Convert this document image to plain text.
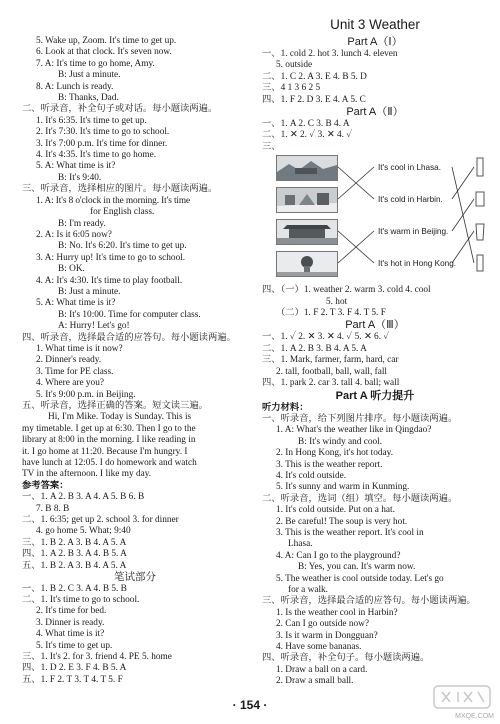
5. Wake up, Zoom. It's time to get up.
6. Look at that clock. It's seven now.
7. A: It's time to go home, Amy.
B: Just a minute.
8. A: Lunch is ready.
B: Thanks, Dad.
二、听录音，补全句子或对话。每小题读两遍。
1. It's 6:35. It's time to get up.
2. It's 7:30. It's time to go to school.
3. It's 7:00 p.m. It's time for dinner.
4. It's 4:35. It's time to go home.
5. A: What time is it?
B: It's 9:40.
三、听录音，选择相应的图片。每小题读两遍。
1. A: It's 8 o'clock in the morning. It's time
for English class.
B: I'm ready.
2. A: Is it 6:05 now?
B: No. It's 6:20. It's time to get up.
3. A: Hurry up! It's time to go to school.
B: OK.
4. A: It's 4:30. It's time to play football.
B: Just a minute.
5. A: What time is it?
B: It's 10:00. Time for computer class.
A: Hurry! Let's go!
四、听录音，选择最合适的应答句。每小题读两遍。
1. What time is it now?
2. Dinner's ready.
3. Time for PE class.
4. Where are you?
5. It's 9:00 p.m. in Beijing.
五、听录音，选择正确的答案。短文读三遍。
Hi, I'm Mike. Today is Sunday. This is
my timetable. I get up at 6:30. Then I go to the
library at 8:00 in the morning. I like reading in
it. I go home at 11:20. Because I'm hungry. I
have lunch at 12:05. I do homework and watch
TV in the afternoon. I like my day.
参考答案：
一、1. A 2. B 3. A 4. A 5. B 6. B
7. B 8. B
二、1. 6:35; get up 2. school 3. for dinner
4. go home 5. What; 9:40
三、1. B 2. A 3. B 4. A 5. A
四、1. A 2. B 3. A 4. B 5. A
五、1. B 2. A 3. B 4. A 5. A
笔试部分
一、1. B 2. C 3. A 4. B 5. B
二、1. It's time to go to school.
2. It's time for bed.
3. Dinner is ready.
4. What time is it?
5. It's time to get up.
三、1. It's 2. for 3. friend 4. PE 5. home
四、1. D 2. E 3. F 4. B 5. A
五、1. F 2. T 3. T 4. T 5. F
Unit 3 Weather
Part A（Ⅰ）
一、1. cold 2. hot 3. lunch 4. eleven
5. outside
二、1. C 2. A 3. E 4. B 5. D
三、4 1 3 6 2 5
四、1. F 2. D 3. E 4. A 5. C
Part A（Ⅱ）
一、1. A 2. C 3. B 4. A
二、1. ✕ 2. ✓ 3. ✕ 4. ✓
三、
It's cool in Lhasa.
It's cold in Harbin.
It's warm in Beijing.
It's hot in Hong Kong.
四、（一）1. weather 2. warm 3. cold 4. cool
5. hot
（二）1. F 2. T 3. F 4. T 5. F
Part A（Ⅲ）
一、1. ✓ 2. ✕ 3. ✕ 4. ✓ 5. ✕ 6. ✓
二、1. A 2. B 3. B 4. A 5. A
三、1. Mark, farmer, farm, hard, car
2. tall, football, ball, wall, fall
四、1. park 2. car 3. tall 4. ball; wall
Part A 听力提升
听力材料：
一、听录音，给下列图片排序。每小题读两遍。
1. A: What's the weather like in Qingdao?
B: It's windy and cool.
2. In Hong Kong, it's hot today.
3. This is the weather report.
4. It's cold outside.
5. It's sunny and warm in Kunming.
二、听录音，选词（组）填空。每小题读两遍。
1. It's cold outside. Put on a hat.
2. Be careful! The soup is very hot.
3. This is the weather report. It's cool in
Lhasa.
4. A: Can I go to the playground?
B: Yes, you can. It's warm now.
5. The weather is cool outside today. Let's go
for a walk.
三、听录音，选择最合适的应答句。每小题读两遍。
1. Is the weather cool in Harbin?
2. Can I go outside now?
3. Is it warm in Dongguan?
4. Have some bananas.
四、听录音，补全句子。每小题读两遍。
1. Draw a ball on a card.
2. Draw a small ball.
· 154 ·
MXQE.COM
